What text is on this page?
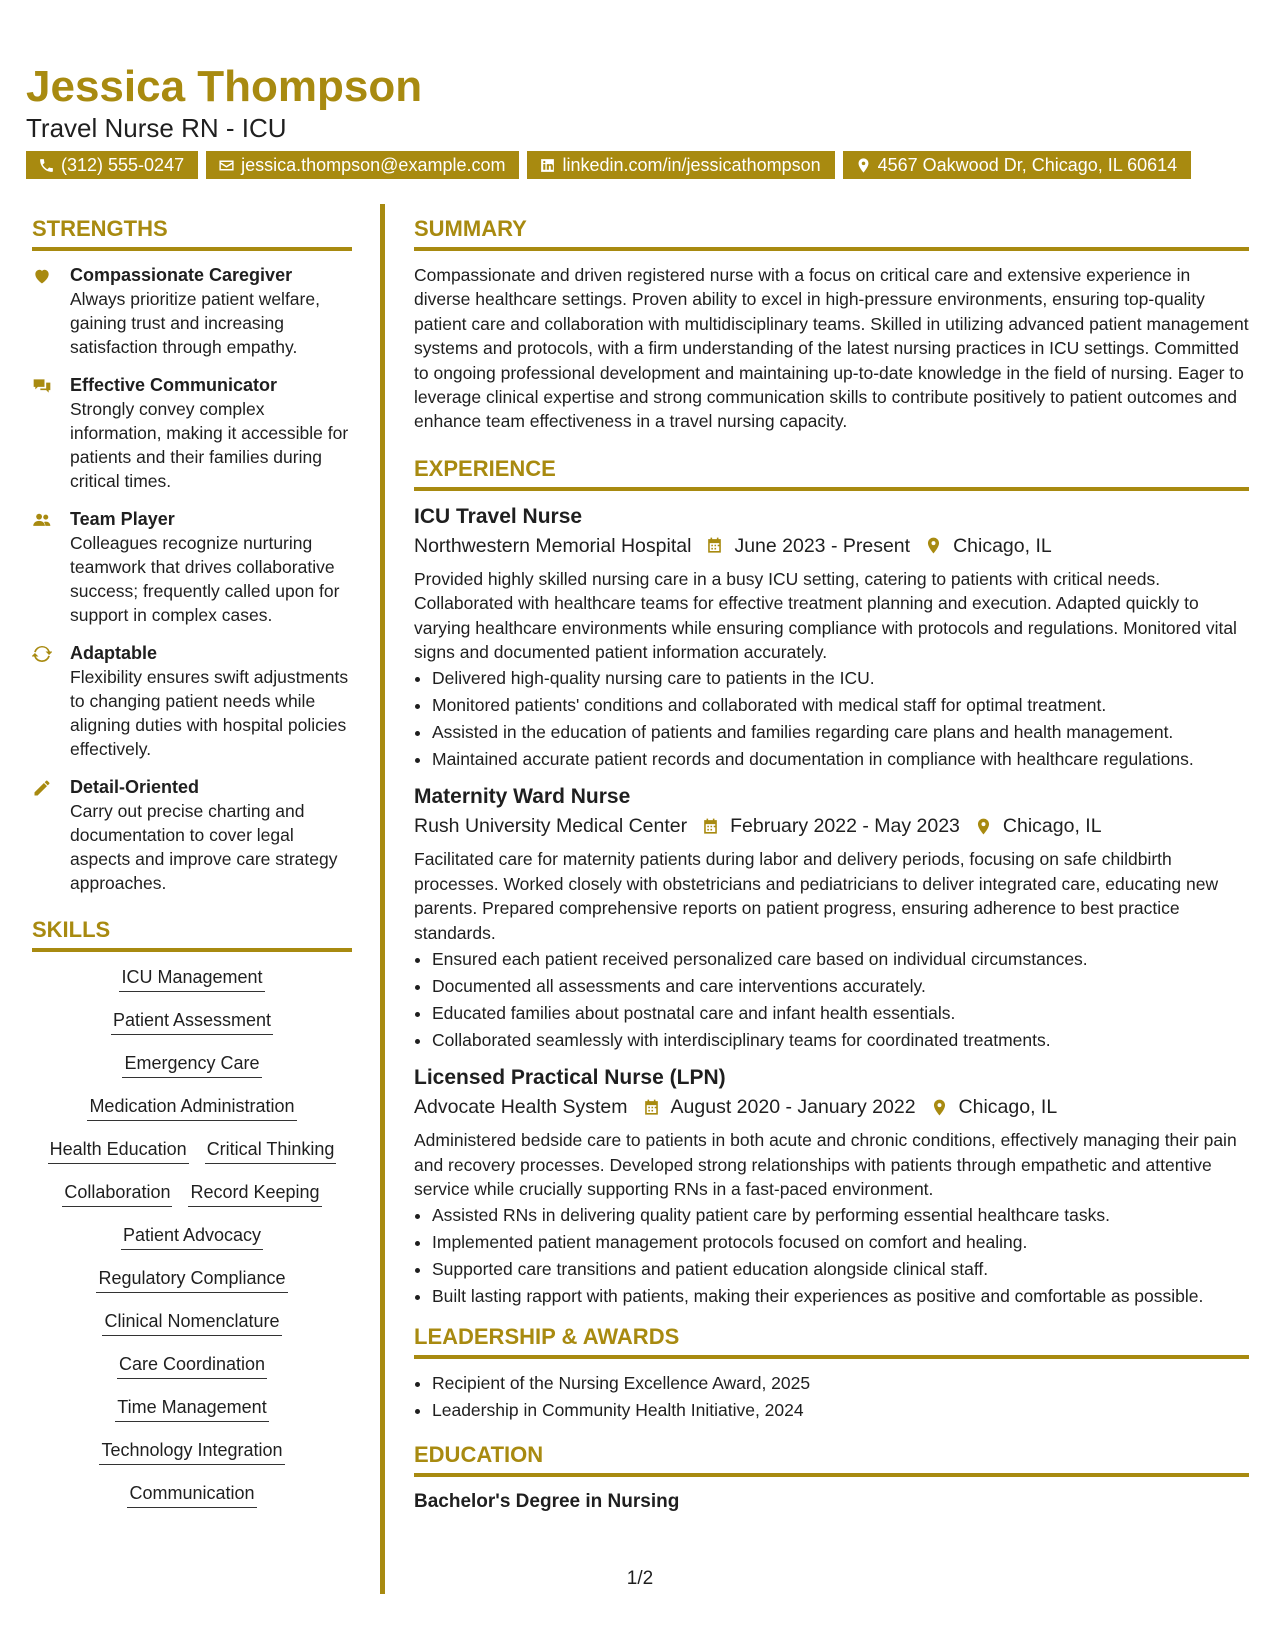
Jessica Thompson

Travel Nurse RN - ICU

(312) 555-0247	jessica.thompson@example.com	linkedin.com/in/jessicathompson	4567 Oakwood Dr, Chicago, IL 60614
STRENGTHS
Compassionate Caregiver
Always prioritize patient welfare, gaining trust and increasing satisfaction through empathy.
Effective Communicator
Strongly convey complex information, making it accessible for patients and their families during critical times.
Team Player
Colleagues recognize nurturing teamwork that drives collaborative success; frequently called upon for support in complex cases.
Adaptable
Flexibility ensures swift adjustments to changing patient needs while aligning duties with hospital policies effectively.
Detail-Oriented
Carry out precise charting and documentation to cover legal aspects and improve care strategy approaches.
SKILLS
ICU Management
Patient Assessment
Emergency Care
Medication Administration
Health Education Critical Thinking
Collaboration Record Keeping
Patient Advocacy
Regulatory Compliance
Clinical Nomenclature
Care Coordination
Time Management
Technology Integration
Communication
SUMMARY

Compassionate and driven registered nurse with a focus on critical care and extensive experience in diverse healthcare settings. Proven ability to excel in high-pressure environments, ensuring top-quality patient care and collaboration with multidisciplinary teams. Skilled in utilizing advanced patient management systems and protocols, with a firm understanding of the latest nursing practices in ICU settings. Committed to ongoing professional development and maintaining up-to-date knowledge in the field of nursing. Eager to leverage clinical expertise and strong communication skills to contribute positively to patient outcomes and enhance team effectiveness in a travel nursing capacity.

EXPERIENCE
ICU Travel Nurse
Northwestern Memorial Hospital June 2023 - Present Chicago, IL
Provided highly skilled nursing care in a busy ICU setting, catering to patients with critical needs. Collaborated with healthcare teams for effective treatment planning and execution. Adapted quickly to varying healthcare environments while ensuring compliance with protocols and regulations. Monitored vital signs and documented patient information accurately.
• Delivered high-quality nursing care to patients in the ICU.
• Monitored patients' conditions and collaborated with medical staff for optimal treatment.
• Assisted in the education of patients and families regarding care plans and health management.
• Maintained accurate patient records and documentation in compliance with healthcare regulations.
Maternity Ward Nurse
Rush University Medical Center February 2022 - May 2023 Chicago, IL
Facilitated care for maternity patients during labor and delivery periods, focusing on safe childbirth processes. Worked closely with obstetricians and pediatricians to deliver integrated care, educating new parents. Prepared comprehensive reports on patient progress, ensuring adherence to best practice standards.
• Ensured each patient received personalized care based on individual circumstances.
• Documented all assessments and care interventions accurately.
• Educated families about postnatal care and infant health essentials.
• Collaborated seamlessly with interdisciplinary teams for coordinated treatments.
Licensed Practical Nurse (LPN)
Advocate Health System August 2020 - January 2022 Chicago, IL
Administered bedside care to patients in both acute and chronic conditions, effectively managing their pain and recovery processes. Developed strong relationships with patients through empathetic and attentive service while crucially supporting RNs in a fast-paced environment.
• Assisted RNs in delivering quality patient care by performing essential healthcare tasks.
• Implemented patient management protocols focused on comfort and healing.
• Supported care transitions and patient education alongside clinical staff.
• Built lasting rapport with patients, making their experiences as positive and comfortable as possible.
LEADERSHIP & AWARDS
• Recipient of the Nursing Excellence Award, 2025
• Leadership in Community Health Initiative, 2024
EDUCATION
Bachelor's Degree in Nursing
1/2
